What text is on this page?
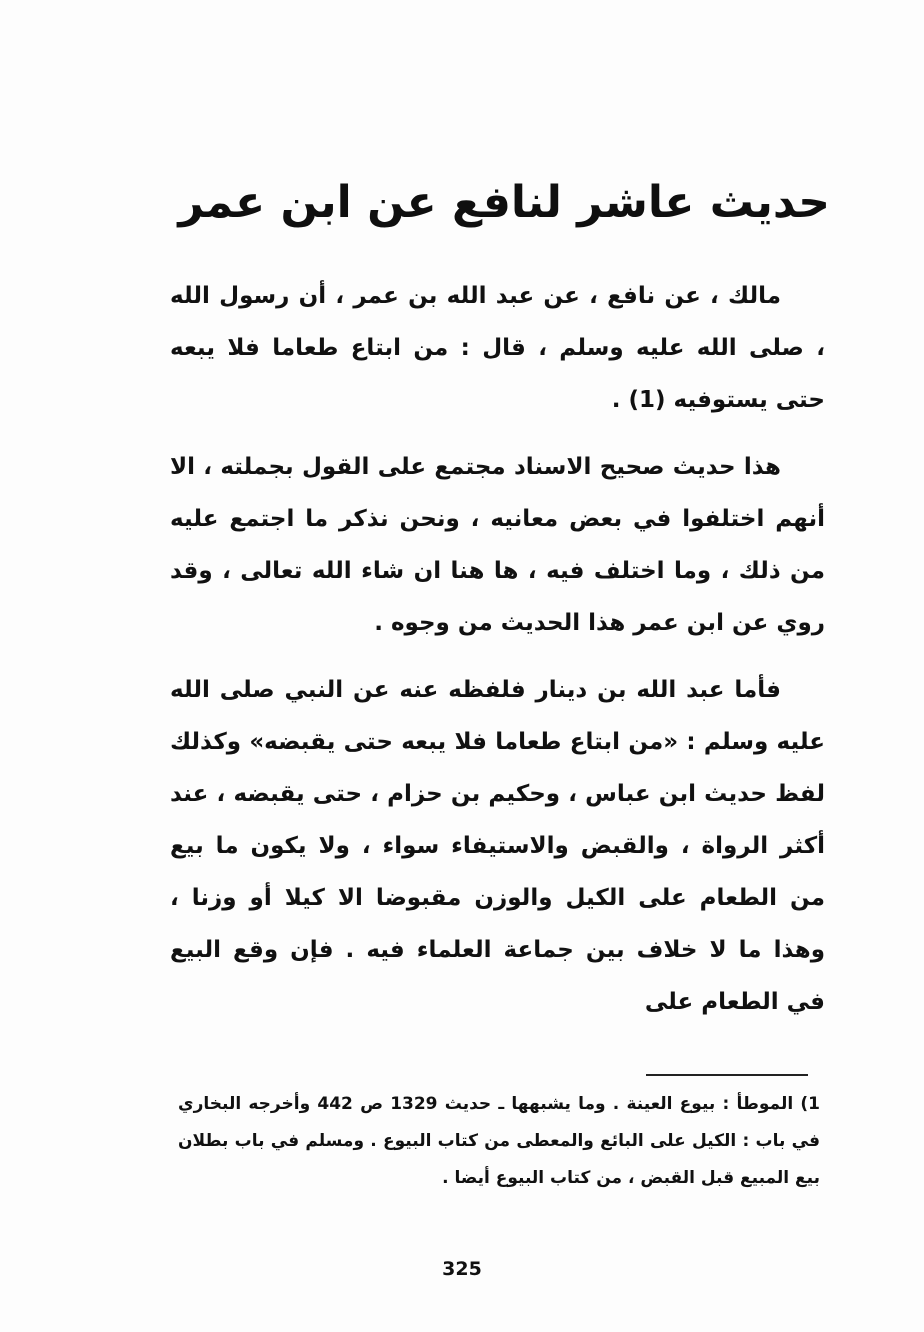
حديث عاشر لنافع عن ابن عمر

مالك ، عن نافع ، عن عبد الله بن عمر ، أن رسول الله ، صلى الله عليه وسلم ، قال : من ابتاع طعاما فلا يبعه حتى يستوفيه (1) .

هذا حديث صحيح الاسناد مجتمع على القول بجملته ، الا أنهم اختلفوا في بعض معانيه ، ونحن نذكر ما اجتمع عليه من ذلك ، وما اختلف فيه ، ها هنا ان شاء الله تعالى ، وقد روي عن ابن عمر هذا الحديث من وجوه .

فأما عبد الله بن دينار فلفظه عنه عن النبي صلى الله عليه وسلم : «من ابتاع طعاما فلا يبعه حتى يقبضه» وكذلك لفظ حديث ابن عباس ، وحكيم بن حزام ، حتى يقبضه ، عند أكثر الرواة ، والقبض والاستيفاء سواء ، ولا يكون ما بيع من الطعام على الكيل والوزن مقبوضا الا كيلا أو وزنا ، وهذا ما لا خلاف بين جماعة العلماء فيه . فإن وقع البيع في الطعام على

1) الموطأ : بيوع العينة . وما يشبهها ـ حديث 1329 ص 442 وأخرجه البخاري في باب : الكيل على البائع والمعطى من كتاب البيوع . ومسلم في باب بطلان بيع المبيع قبل القبض ، من كتاب البيوع أيضا .

325
